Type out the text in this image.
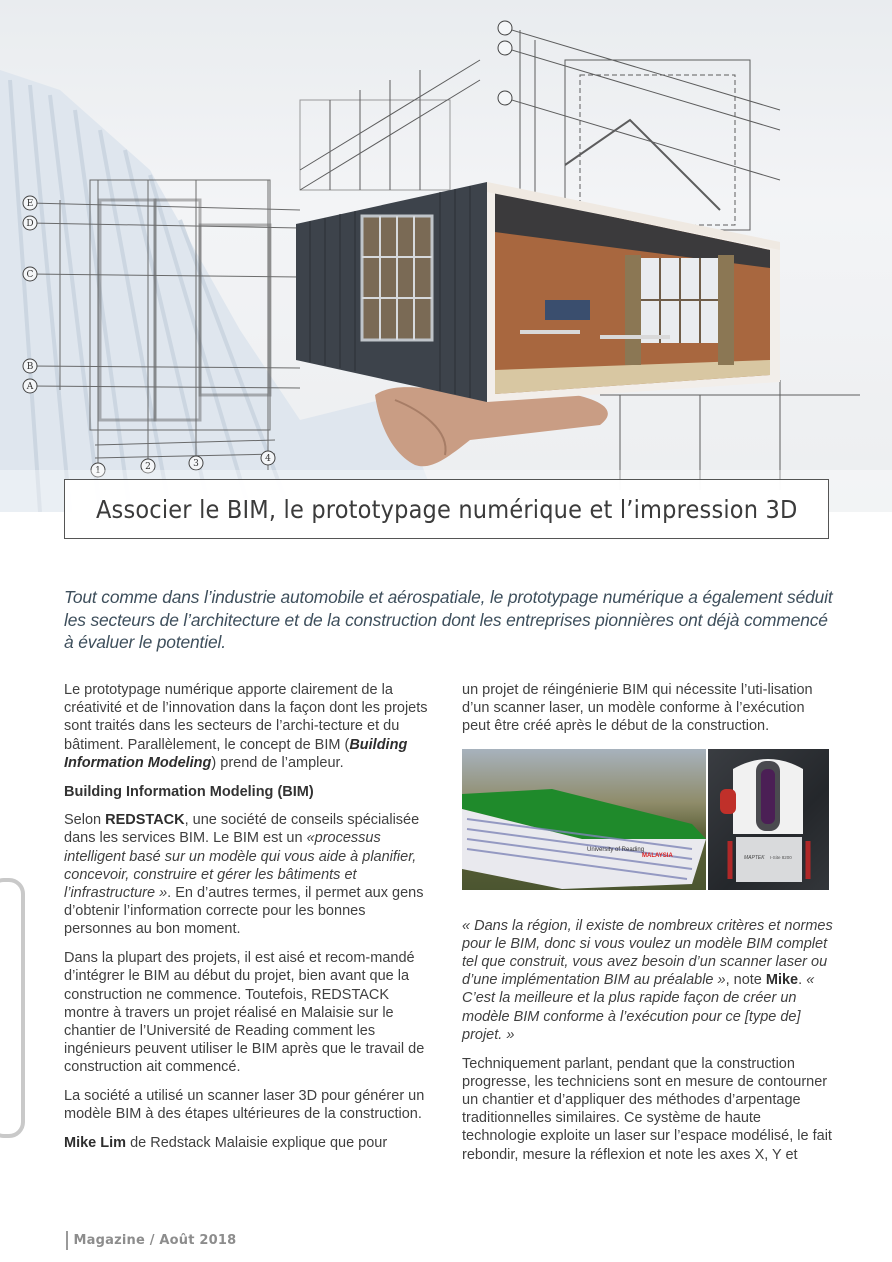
E
D
C
B
A
1	2	3	4
Associer le BIM, le prototypage numérique et l’impression 3D

Tout comme dans l’industrie automobile et aérospatiale, le prototypage numérique a également séduit les secteurs de l’architecture et de la construction dont les entreprises pionnières ont déjà commencé à évaluer le potentiel.

Le prototypage numérique apporte clairement de la créativité et de l’innovation dans la façon dont les projets sont traités dans les secteurs de l’archi-tecture et du bâtiment. Parallèlement, le concept de BIM (Building Information Modeling) prend de l’ampleur.

Building Information Modeling (BIM)

Selon REDSTACK, une société de conseils spécialisée dans les services BIM. Le BIM est un «processus intelligent basé sur un modèle qui vous aide à planifier, concevoir, construire et gérer les bâtiments et l’infrastructure ». En d’autres termes, il permet aux gens d’obtenir l’information correcte pour les bonnes personnes au bon moment.

Dans la plupart des projets, il est aisé et recom-mandé d’intégrer le BIM au début du projet, bien avant que la construction ne commence. Toutefois, REDSTACK montre à travers un projet réalisé en Malaisie sur le chantier de l’Université de Reading comment les ingénieurs peuvent utiliser le BIM après que le travail de construction ait commencé.

La société a utilisé un scanner laser 3D pour générer un modèle BIM à des étapes ultérieures de la construction.

Mike Lim de Redstack Malaisie explique que pour

un projet de réingénierie BIM qui nécessite l’uti-lisation d’un scanner laser, un modèle conforme à l’exécution peut être créé après le début de la construction.

University of Reading
MALAYSIA	MAPTEK I-Site 8200

« Dans la région, il existe de nombreux critères et normes pour le BIM, donc si vous voulez un modèle BIM complet tel que construit, vous avez besoin d’un scanner laser ou d’une implémentation BIM au préalable », note Mike. « C’est la meilleure et la plus rapide façon de créer un modèle BIM conforme à l’exécution pour ce [type de] projet. »

Techniquement parlant, pendant que la construction progresse, les techniciens sont en mesure de contourner un chantier et d’appliquer des méthodes d’arpentage traditionnelles similaires. Ce système de haute technologie exploite un laser sur l’espace modélisé, le fait rebondir, mesure la réflexion et note les axes X, Y et

Magazine / Août 2018
